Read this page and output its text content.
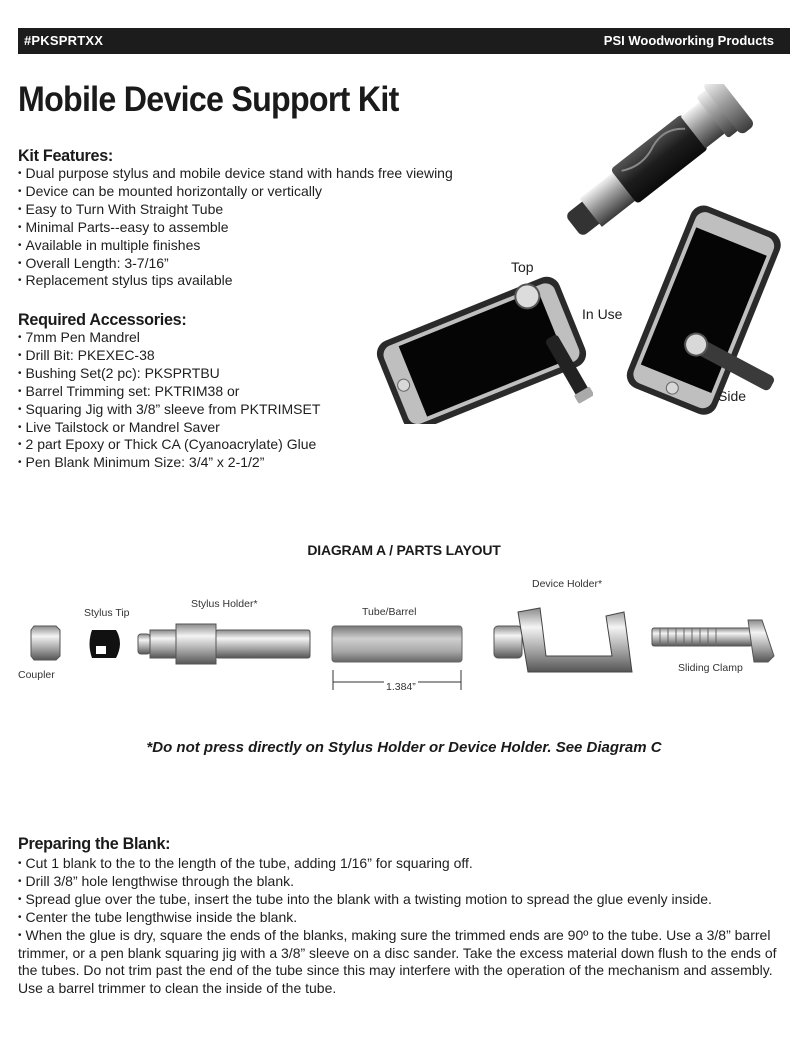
#PKSPRTXX	PSI Woodworking Products
Mobile Device Support Kit
Kit Features:
• Dual purpose stylus and mobile device stand with hands free viewing
• Device can be mounted horizontally or vertically
• Easy to Turn With Straight Tube
• Minimal Parts--easy to assemble
• Available in multiple finishes
• Overall Length: 3-7/16”
• Replacement stylus tips available
Required Accessories:
• 7mm Pen Mandrel
• Drill Bit: PKEXEC-38
• Bushing Set(2 pc): PKSPRTBU
• Barrel Trimming set: PKTRIM38 or
• Squaring Jig with 3/8” sleeve from PKTRIMSET
• Live Tailstock or Mandrel Saver
• 2 part Epoxy or Thick CA (Cyanoacrylate) Glue
• Pen Blank Minimum Size: 3/4” x 2-1/2”
Top
In Use
Side
DIAGRAM A / PARTS LAYOUT
Coupler
Stylus Tip
Stylus Holder*
Tube/Barrel
Device Holder*
Sliding Clamp
1.384”
*Do not press directly on Stylus Holder or Device Holder. See Diagram C
Preparing the Blank:
• Cut 1 blank to the to the length of the tube, adding 1/16” for squaring off.
• Drill 3/8” hole lengthwise through the blank.
• Spread glue over the tube, insert the tube into the blank with a twisting motion to spread the glue evenly inside.
• Center the tube lengthwise inside the blank.
• When the glue is dry, square the ends of the blanks, making sure the trimmed ends are 90º to the tube. Use a 3/8” barrel trimmer, or a pen blank squaring jig with a 3/8” sleeve on a disc sander. Take the excess material down flush to the ends of the tubes. Do not trim past the end of the tube since this may interfere with the operation of the mechanism and assembly. Use a barrel trimmer to clean the inside of the tube.
